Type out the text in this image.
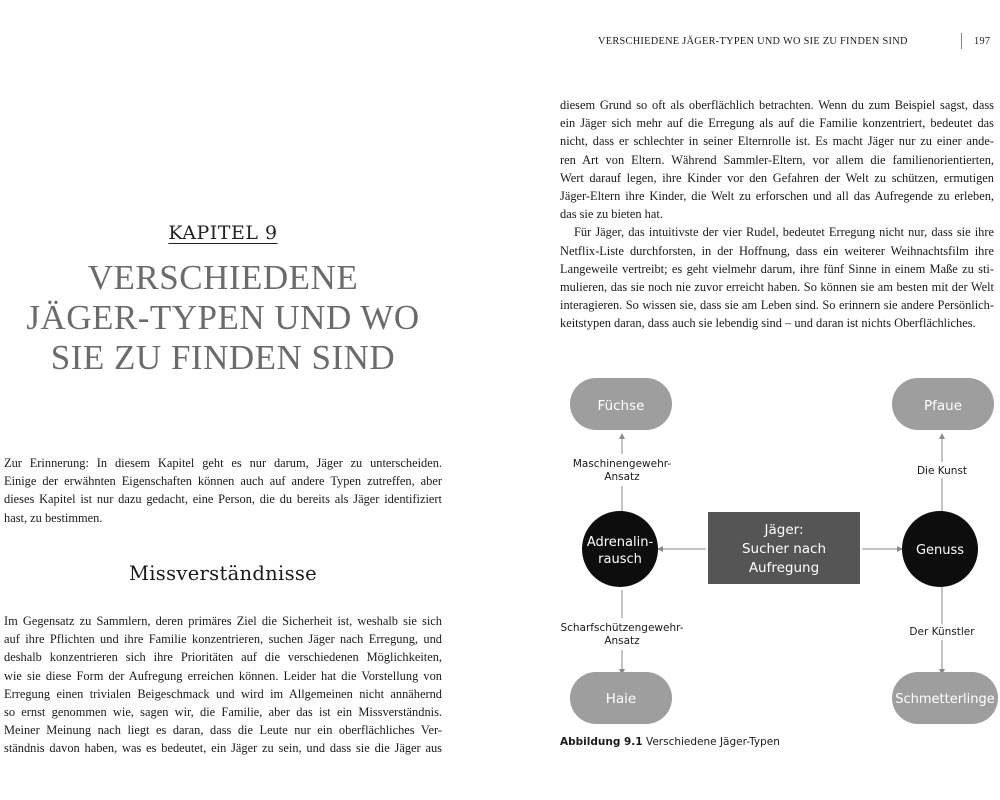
KAPITEL 9
VERSCHIEDENE
JÄGER-TYPEN UND WO
SIE ZU FINDEN SIND

Zur Erinnerung: In diesem Kapitel geht es nur darum, Jäger zu unterscheiden.
Einige der erwähnten Eigenschaften können auch auf andere Typen zutreffen, aber
dieses Kapitel ist nur dazu gedacht, eine Person, die du bereits als Jäger identifiziert
hast, zu bestimmen.

Missverständnisse

Im Gegensatz zu Sammlern, deren primäres Ziel die Sicherheit ist, weshalb sie sich
auf ihre Pflichten und ihre Familie konzentrieren, suchen Jäger nach Erregung, und
deshalb konzentrieren sich ihre Prioritäten auf die verschiedenen Möglichkeiten,
wie sie diese Form der Aufregung erreichen können. Leider hat die Vorstellung von
Erregung einen trivialen Beigeschmack und wird im Allgemeinen nicht annähernd
so ernst genommen wie, sagen wir, die Familie, aber das ist ein Missverständnis.
Meiner Meinung nach liegt es daran, dass die Leute nur ein oberflächliches Ver-
ständnis davon haben, was es bedeutet, ein Jäger zu sein, und dass sie die Jäger aus

VERSCHIEDENE JÄGER-TYPEN UND WO SIE ZU FINDEN SIND	197

diesem Grund so oft als oberflächlich betrachten. Wenn du zum Beispiel sagst, dass
ein Jäger sich mehr auf die Erregung als auf die Familie konzentriert, bedeutet das
nicht, dass er schlechter in seiner Elternrolle ist. Es macht Jäger nur zu einer ande-
ren Art von Eltern. Während Sammler-Eltern, vor allem die familienorientierten,
Wert darauf legen, ihre Kinder vor den Gefahren der Welt zu schützen, ermutigen
Jäger-Eltern ihre Kinder, die Welt zu erforschen und all das Aufregende zu erleben,
das sie zu bieten hat.

Für Jäger, das intuitivste der vier Rudel, bedeutet Erregung nicht nur, dass sie ihre
Netflix-Liste durchforsten, in der Hoffnung, dass ein weiterer Weihnachtsfilm ihre
Langeweile vertreibt; es geht vielmehr darum, ihre fünf Sinne in einem Maße zu sti-
mulieren, das sie noch nie zuvor erreicht haben. So können sie am besten mit der Welt
interagieren. So wissen sie, dass sie am Leben sind. So erinnern sie andere Persönlich-
keitstypen daran, dass auch sie lebendig sind – und daran ist nichts Oberflächliches.

Füchse	Pfaue
Haie	Schmetterlinge
Adrenalin-
rausch
Genuss
Jäger:
Sucher nach
Aufregung
Maschinengewehr-
Ansatz
Scharfschützengewehr-
Ansatz
Die Kunst
Der Künstler
Abbildung 9.1 Verschiedene Jäger-Typen
